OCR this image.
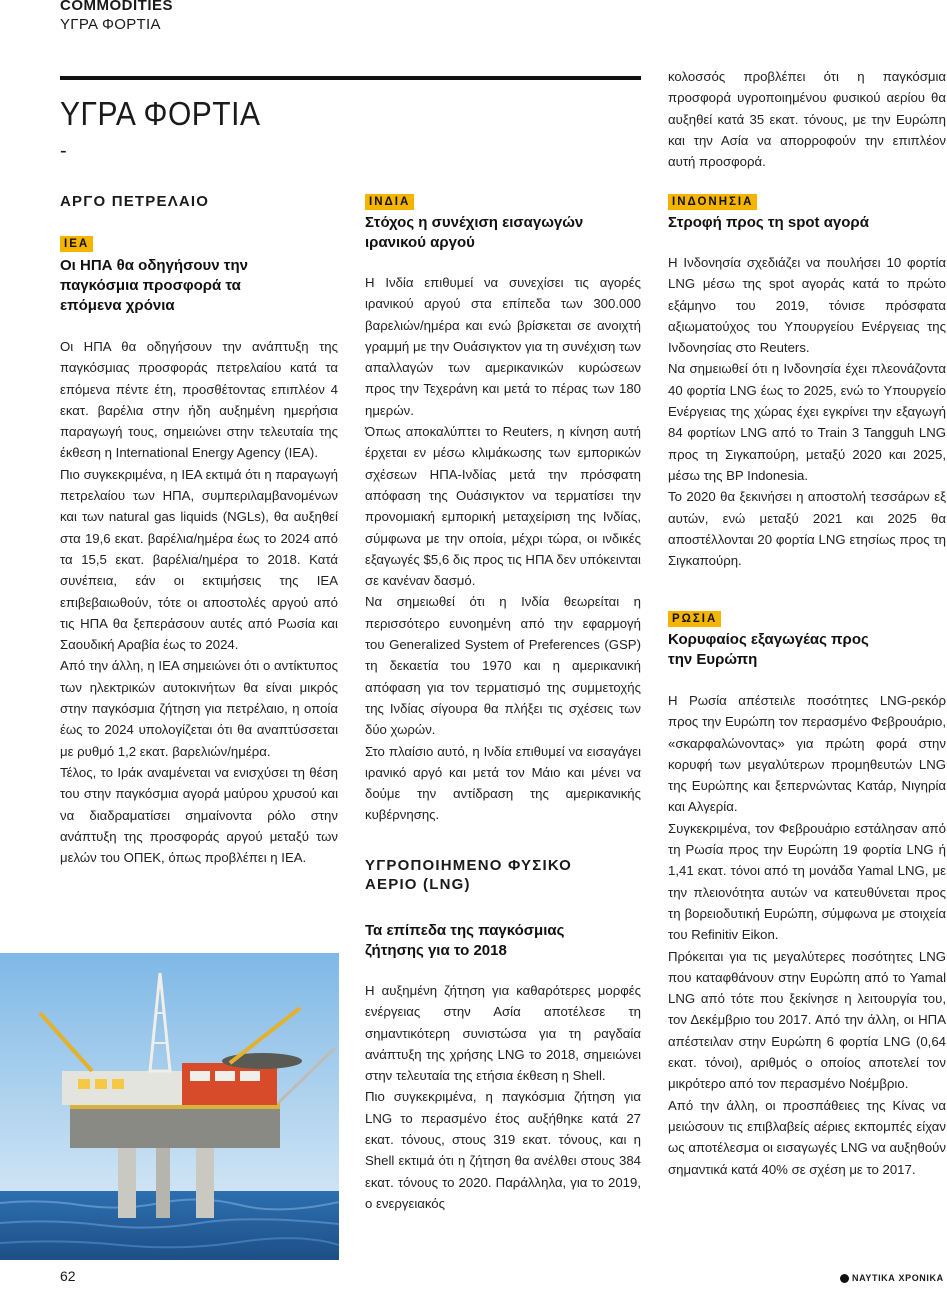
COMMODITIES
ΥΓΡΑ ΦΟΡΤΙΑ
ΥΓΡΑ ΦΟΡΤΙΑ
-
ΑΡΓΟ ΠΕΤΡΕΛΑΙΟ
IEA
Οι ΗΠΑ θα οδηγήσουν την παγκόσμια προσφορά τα επόμενα χρόνια

Οι ΗΠΑ θα οδηγήσουν την ανάπτυξη της παγκόσμιας προσφοράς πετρελαίου κατά τα επόμενα πέντε έτη, προσθέτοντας επιπλέον 4 εκατ. βαρέλια στην ήδη αυξημένη ημερήσια παραγωγή τους, σημειώνει στην τελευταία της έκθεση η International Energy Agency (IEA).

Πιο συγκεκριμένα, η IEA εκτιμά ότι η παραγωγή πετρελαίου των ΗΠΑ, συμπεριλαμβανομένων και των natural gas liquids (NGLs), θα αυξηθεί στα 19,6 εκατ. βαρέλια/ημέρα έως το 2024 από τα 15,5 εκατ. βαρέλια/ημέρα το 2018. Κατά συνέπεια, εάν οι εκτιμήσεις της IEA επιβεβαιωθούν, τότε οι αποστολές αργού από τις ΗΠΑ θα ξεπεράσουν αυτές από Ρωσία και Σαουδική Αραβία έως το 2024.

Από την άλλη, η IEA σημειώνει ότι ο αντίκτυπος των ηλεκτρικών αυτοκινήτων θα είναι μικρός στην παγκόσμια ζήτηση για πετρέλαιο, η οποία έως το 2024 υπολογίζεται ότι θα αναπτύσσεται με ρυθμό 1,2 εκατ. βαρελιών/ημέρα.

Τέλος, το Ιράκ αναμένεται να ενισχύσει τη θέση του στην παγκόσμια αγορά μαύρου χρυσού και να διαδραματίσει σημαίνοντα ρόλο στην ανάπτυξη της προσφοράς αργού μεταξύ των μελών του ΟΠΕΚ, όπως προβλέπει η IEA.

ΙΝΔΙΑ
Στόχος η συνέχιση εισαγωγών ιρανικού αργού

Η Ινδία επιθυμεί να συνεχίσει τις αγορές ιρανικού αργού στα επίπεδα των 300.000 βαρελιών/ημέρα και ενώ βρίσκεται σε ανοιχτή γραμμή με την Ουάσιγκτον για τη συνέχιση των απαλλαγών των αμερικανικών κυρώσεων προς την Τεχεράνη και μετά το πέρας των 180 ημερών.

Όπως αποκαλύπτει το Reuters, η κίνηση αυτή έρχεται εν μέσω κλιμάκωσης των εμπορικών σχέσεων ΗΠΑ-Ινδίας μετά την πρόσφατη απόφαση της Ουάσιγκτον να τερματίσει την προνομιακή εμπορική μεταχείριση της Ινδίας, σύμφωνα με την οποία, μέχρι τώρα, οι ινδικές εξαγωγές $5,6 δις προς τις ΗΠΑ δεν υπόκεινται σε κανέναν δασμό.

Να σημειωθεί ότι η Ινδία θεωρείται η περισσότερο ευνοημένη από την εφαρμογή του Generalized System of Preferences (GSP) τη δεκαετία του 1970 και η αμερικανική απόφαση για τον τερματισμό της συμμετοχής της Ινδίας σίγουρα θα πλήξει τις σχέσεις των δύο χωρών.

Στο πλαίσιο αυτό, η Ινδία επιθυμεί να εισαγάγει ιρανικό αργό και μετά τον Μάιο και μένει να δούμε την αντίδραση της αμερικανικής κυβέρνησης.

ΥΓΡΟΠΟΙΗΜΕΝΟ ΦΥΣΙΚΟ ΑΕΡΙΟ (LNG)
Τα επίπεδα της παγκόσμιας ζήτησης για το 2018

Η αυξημένη ζήτηση για καθαρότερες μορφές ενέργειας στην Ασία αποτέλεσε τη σημαντικότερη συνιστώσα για τη ραγδαία ανάπτυξη της χρήσης LNG το 2018, σημειώνει στην τελευταία της ετήσια έκθεση η Shell.

Πιο συγκεκριμένα, η παγκόσμια ζήτηση για LNG το περασμένο έτος αυξήθηκε κατά 27 εκατ. τόνους, στους 319 εκατ. τόνους, και η Shell εκτιμά ότι η ζήτηση θα ανέλθει στους 384 εκατ. τόνους το 2020. Παράλληλα, για το 2019, ο ενεργειακός

κολοσσός προβλέπει ότι η παγκόσμια προσφορά υγροποιημένου φυσικού αερίου θα αυξηθεί κατά 35 εκατ. τόνους, με την Ευρώπη και την Ασία να απορροφούν την επιπλέον αυτή προσφορά.

ΙΝΔΟΝΗΣΙΑ
Στροφή προς τη spot αγορά

Η Ινδονησία σχεδιάζει να πουλήσει 10 φορτία LNG μέσω της spot αγοράς κατά το πρώτο εξάμηνο του 2019, τόνισε πρόσφατα αξιωματούχος του Υπουργείου Ενέργειας της Ινδονησίας στο Reuters.

Να σημειωθεί ότι η Ινδονησία έχει πλεονάζοντα 40 φορτία LNG έως το 2025, ενώ το Υπουργείο Ενέργειας της χώρας έχει εγκρίνει την εξαγωγή 84 φορτίων LNG από το Train 3 Tangguh LNG προς τη Σιγκαπούρη, μεταξύ 2020 και 2025, μέσω της BP Indonesia.

Το 2020 θα ξεκινήσει η αποστολή τεσσάρων εξ αυτών, ενώ μεταξύ 2021 και 2025 θα αποστέλλονται 20 φορτία LNG ετησίως προς τη Σιγκαπούρη.

ΡΩΣΙΑ
Κορυφαίος εξαγωγέας προς την Ευρώπη

Η Ρωσία απέστειλε ποσότητες LNG-ρεκόρ προς την Ευρώπη τον περασμένο Φεβρουάριο, «σκαρφαλώνοντας» για πρώτη φορά στην κορυφή των μεγαλύτερων προμηθευτών LNG της Ευρώπης και ξεπερνώντας Κατάρ, Νιγηρία και Αλγερία.

Συγκεκριμένα, τον Φεβρουάριο εστάλησαν από τη Ρωσία προς την Ευρώπη 19 φορτία LNG ή 1,41 εκατ. τόνοι από τη μονάδα Yamal LNG, με την πλειονότητα αυτών να κατευθύνεται προς τη βορειοδυτική Ευρώπη, σύμφωνα με στοιχεία του Refinitiv Eikon.

Πρόκειται για τις μεγαλύτερες ποσότητες LNG που καταφθάνουν στην Ευρώπη από το Yamal LNG από τότε που ξεκίνησε η λειτουργία του, τον Δεκέμβριο του 2017. Από την άλλη, οι ΗΠΑ απέστειλαν στην Ευρώπη 6 φορτία LNG (0,64 εκατ. τόνοι), αριθμός ο οποίος αποτελεί τον μικρότερο από τον περασμένο Νοέμβριο.

Από την άλλη, οι προσπάθειες της Κίνας να μειώσουν τις επιβλαβείς αέριες εκπομπές είχαν ως αποτέλεσμα οι εισαγωγές LNG να αυξηθούν σημαντικά κατά 40% σε σχέση με το 2017.

62	ΝΑΥΤΙΚΑ ΧΡΟΝΙΚΑ
